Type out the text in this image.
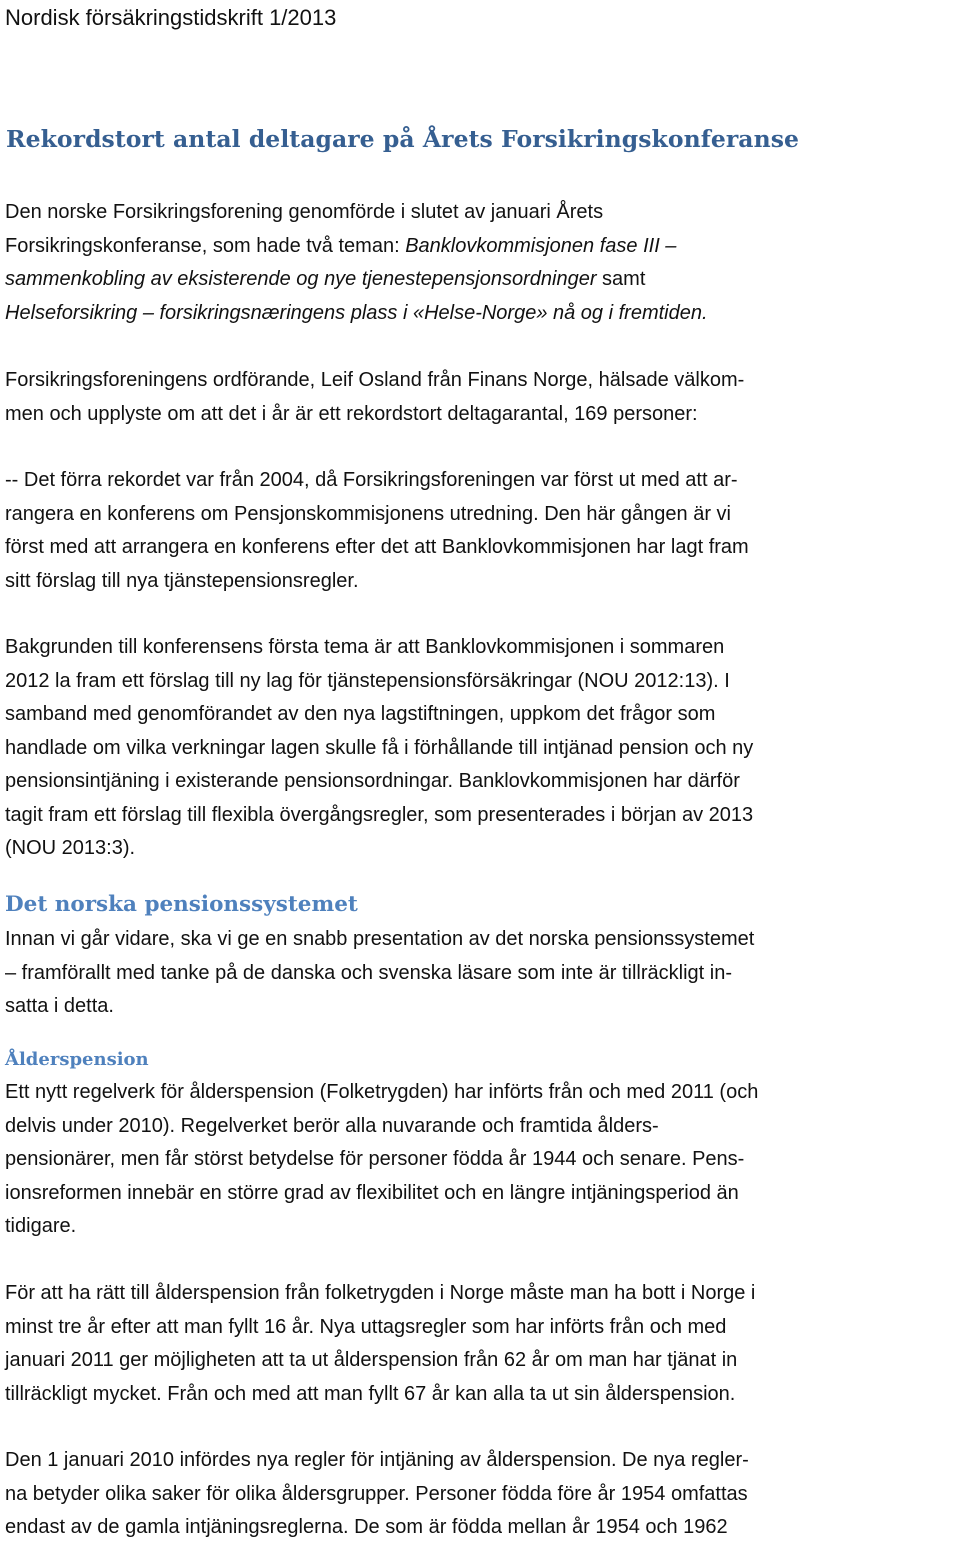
Nordisk försäkringstidskrift 1/2013
Rekordstort antal deltagare på Årets Forsikringskonferanse

Den norske Forsikringsforening genomförde i slutet av januari Årets
Forsikringskonferanse, som hade två teman: Banklovkommisjonen fase III –
sammenkobling av eksisterende og nye tjenestepensjonsordninger samt
Helseforsikring – forsikringsnæringens plass i «Helse-Norge» nå og i fremtiden.

Forsikringsforeningens ordförande, Leif Osland från Finans Norge, hälsade välkom-
men och upplyste om att det i år är ett rekordstort deltagarantal, 169 personer:

-- Det förra rekordet var från 2004, då Forsikringsforeningen var först ut med att ar-
rangera en konferens om Pensjonskommisjonens utredning. Den här gången är vi
först med att arrangera en konferens efter det att Banklovkommisjonen har lagt fram
sitt förslag till nya tjänstepensionsregler.

Bakgrunden till konferensens första tema är att Banklovkommisjonen i sommaren
2012 la fram ett förslag till ny lag för tjänstepensionsförsäkringar (NOU 2012:13). I
samband med genomförandet av den nya lagstiftningen, uppkom det frågor som
handlade om vilka verkningar lagen skulle få i förhållande till intjänad pension och ny
pensionsintjäning i existerande pensionsordningar. Banklovkommisjonen har därför
tagit fram ett förslag till flexibla övergångsregler, som presenterades i början av 2013
(NOU 2013:3).

Det norska pensionssystemet

Innan vi går vidare, ska vi ge en snabb presentation av det norska pensionssystemet
– framförallt med tanke på de danska och svenska läsare som inte är tillräckligt in-
satta i detta.

Ålderspension

Ett nytt regelverk för ålderspension (Folketrygden) har införts från och med 2011 (och
delvis under 2010). Regelverket berör alla nuvarande och framtida ålders-
pensionärer, men får störst betydelse för personer födda år 1944 och senare. Pens-
ionsreformen innebär en större grad av flexibilitet och en längre intjäningsperiod än
tidigare.

För att ha rätt till ålderspension från folketrygden i Norge måste man ha bott i Norge i
minst tre år efter att man fyllt 16 år. Nya uttagsregler som har införts från och med
januari 2011 ger möjligheten att ta ut ålderspension från 62 år om man har tjänat in
tillräckligt mycket. Från och med att man fyllt 67 år kan alla ta ut sin ålderspension.

Den 1 januari 2010 infördes nya regler för intjäning av ålderspension. De nya regler-
na betyder olika saker för olika åldersgrupper. Personer födda före år 1954 omfattas
endast av de gamla intjäningsreglerna. De som är födda mellan år 1954 och 1962
